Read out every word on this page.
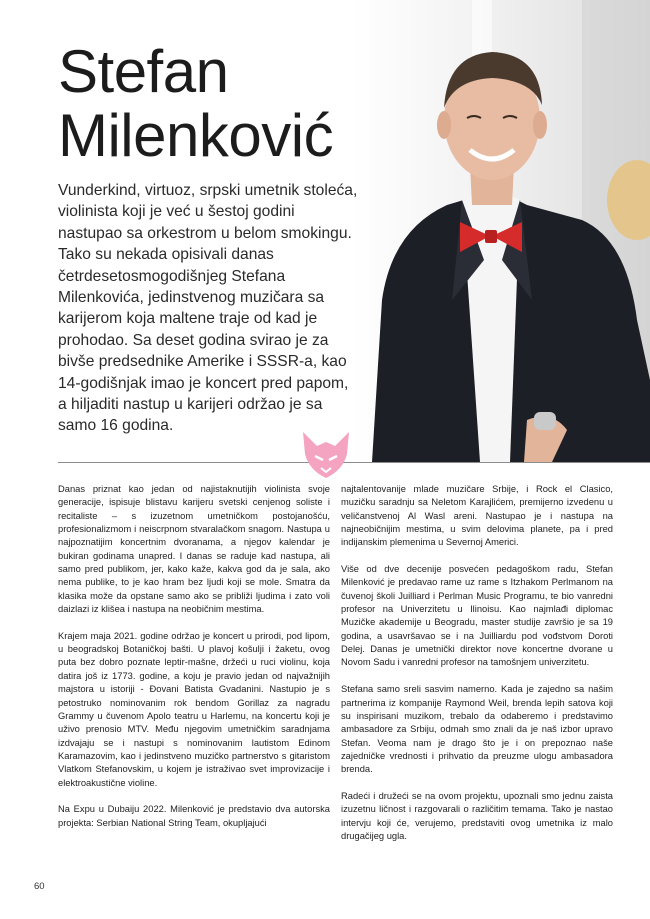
Stefan
Milenković

Vunderkind, virtuoz, srpski umetnik stoleća, violinista koji je već u šestoj godini nastupao sa orkestrom u belom smokingu. Tako su nekada opisivali danas četrdesetosmogodišnjeg Stefana Milenkovića, jedinstvenog muzičara sa karijerom koja maltene traje od kad je prohodao. Sa deset godina svirao je za bivše predsednike Amerike i SSSR-a, kao 14-godišnjak imao je koncert pred papom, a hiljaditi nastup u karijeri održao je sa samo 16 godina.

Danas priznat kao jedan od najistaknutijih violinista svoje generacije, ispisuje blistavu karijeru svetski cenjenog soliste i recitaliste – s izuzetnom umetničkom postojanošću, profesionalizmom i neiscrpnom stvaralačkom snagom. Nastupa u najpoznatijim koncertnim dvoranama, a njegov kalendar je bukiran godinama unapred. I danas se raduje kad nastupa, ali samo pred publikom, jer, kako kaže, kakva god da je sala, ako nema publike, to je kao hram bez ljudi koji se mole. Smatra da klasika može da opstane samo ako se približi ljudima i zato voli daizlazi iz klišea i nastupa na neobičnim mestima.

Krajem maja 2021. godine održao je koncert u prirodi, pod lipom, u beogradskoj Botaničkoj bašti. U plavoj košulji i žaketu, ovog puta bez dobro poznate leptir-mašne, držeći u ruci violinu, koja datira još iz 1773. godine, a koju je pravio jedan od najvažnijih majstora u istoriji - Đovani Batista Gvadanini. Nastupio je s petostruko nominovanim rok bendom Gorillaz za nagradu Grammy u čuvenom Apolo teatru u Harlemu, na koncertu koji je uživo prenosio MTV. Među njegovim umetničkim saradnjama izdvajaju se i nastupi s nominovanim lautistom Edinom Karamazovim, kao i jedinstveno muzičko partnerstvo s gitaristom Vlatkom Stefanovskim, u kojem je istraživao svet improvizacije i elektroakustične violine.

Na Expu u Dubaiju 2022. Milenković je predstavio dva autorska projekta: Serbian National String Team, okupljajući

najtalentovanije mlade muzičare Srbije, i Rock el Clasico, muzičku saradnju sa Neletom Karajlićem, premijerno izvedenu u veličanstvenoj Al Wasl areni. Nastupao je i nastupa na najneobičnijim mestima, u svim delovima planete, pa i pred indijanskim plemenima u Severnoj Americi.

Više od dve decenije posvećen pedagoškom radu, Stefan Milenković je predavao rame uz rame s Itzhakom Perlmanom na čuvenoj školi Juilliard i Perlman Music Programu, te bio vanredni profesor na Univerzitetu u Ilinoisu. Kao najmlađi diplomac Muzičke akademije u Beogradu, master studije završio je sa 19 godina, a usavršavao se i na Juilliardu pod vođstvom Doroti Delej. Danas je umetnički direktor nove koncertne dvorane u Novom Sadu i vanredni profesor na tamošnjem univerzitetu.

Stefana samo sreli sasvim namerno. Kada je zajedno sa našim partnerima iz kompanije Raymond Weil, brenda lepih satova koji su inspirisani muzikom, trebalo da odaberemo i predstavimo ambasadore za Srbiju, odmah smo znali da je naš izbor upravo Stefan. Veoma nam je drago što je i on prepoznao naše zajedničke vrednosti i prihvatio da preuzme ulogu ambasadora brenda.

Radeći i družeći se na ovom projektu, upoznali smo jednu zaista izuzetnu ličnost i razgovarali o različitim temama. Tako je nastao intervju koji će, verujemo, predstaviti ovog umetnika iz malo drugačijeg ugla.

60
